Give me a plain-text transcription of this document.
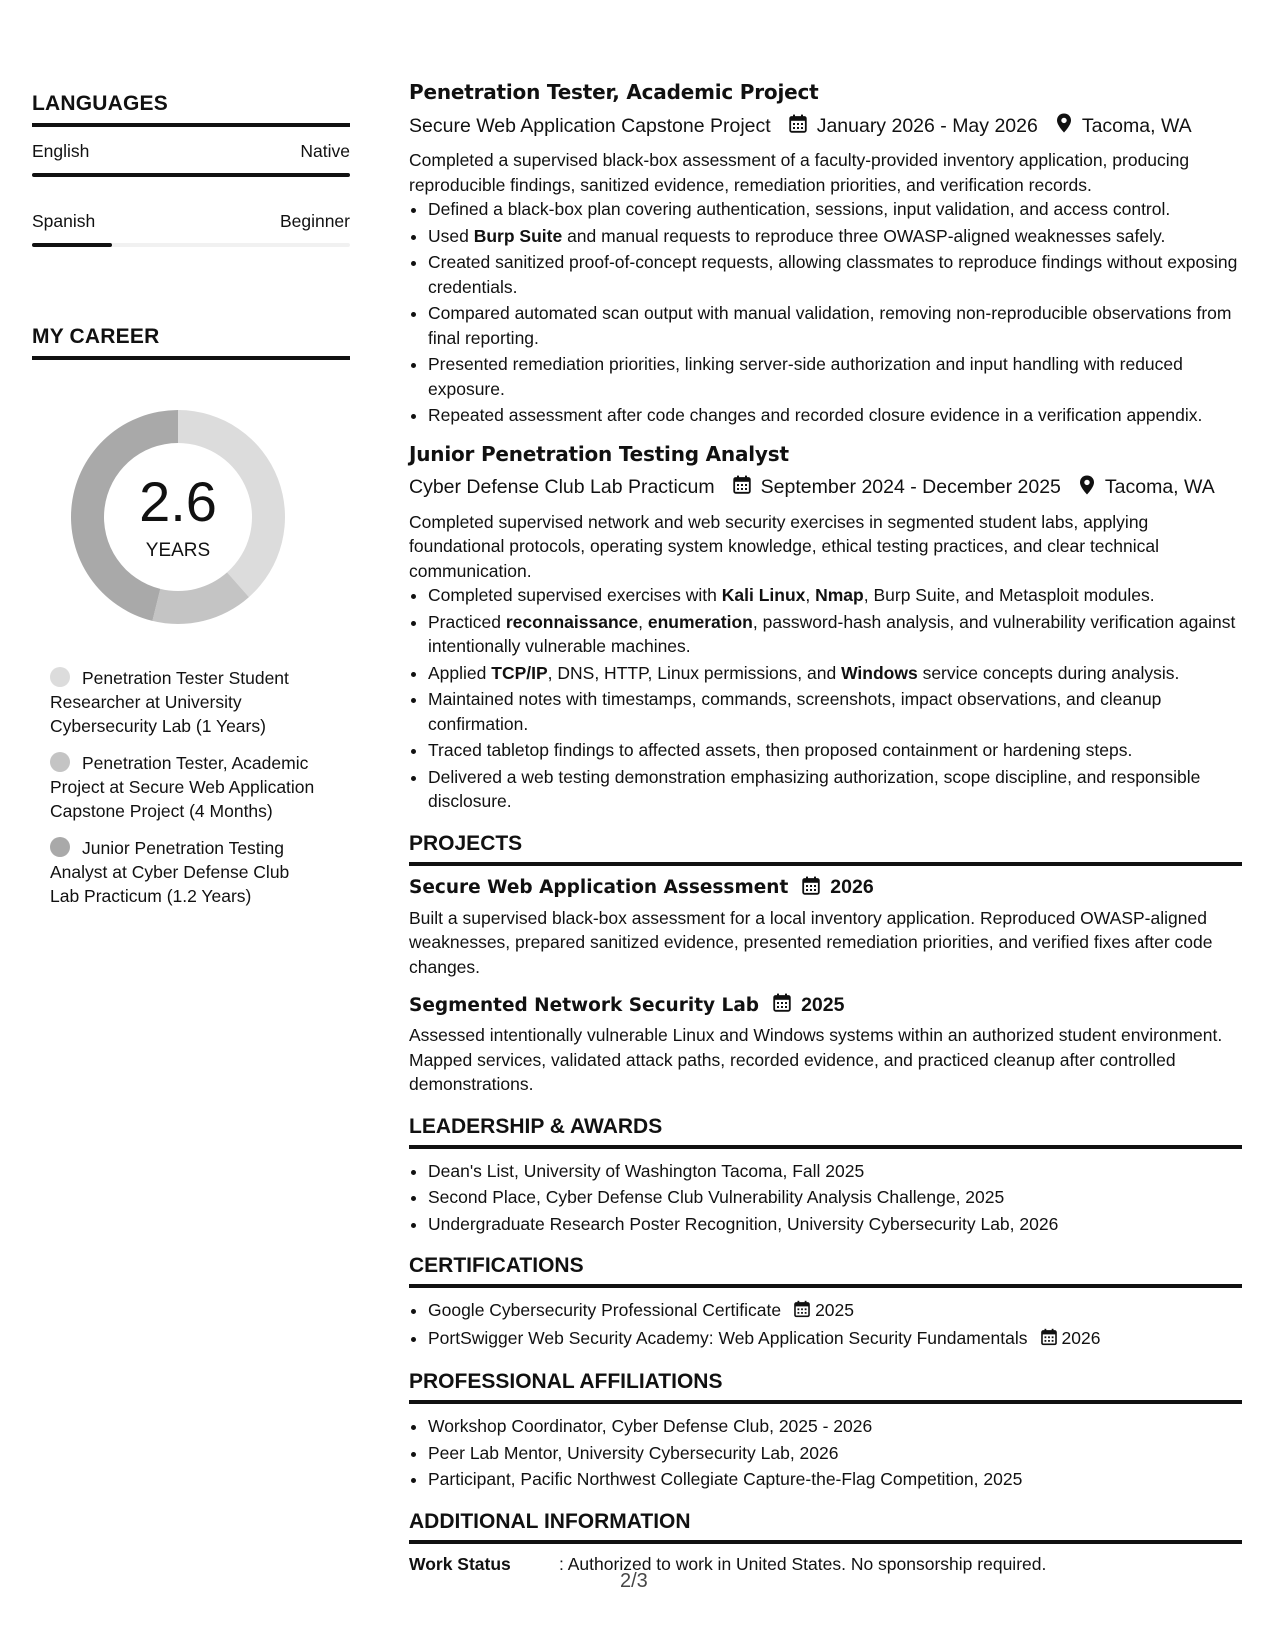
LANGUAGES
English	Native
Spanish	Beginner
MY CAREER
2.6
YEARS
Penetration Tester Student Researcher at University Cybersecurity Lab (1 Years)
Penetration Tester, Academic Project at Secure Web Application Capstone Project (4 Months)
Junior Penetration Testing Analyst at Cyber Defense Club Lab Practicum (1.2 Years)
Penetration Tester, Academic Project
Secure Web Application Capstone Project January 2026 - May 2026 Tacoma, WA

Completed a supervised black-box assessment of a faculty-provided inventory application, producing reproducible findings, sanitized evidence, remediation priorities, and verification records.

• Defined a black-box plan covering authentication, sessions, input validation, and access control.
• Used Burp Suite and manual requests to reproduce three OWASP-aligned weaknesses safely.
• Created sanitized proof-of-concept requests, allowing classmates to reproduce findings without exposing credentials.
• Compared automated scan output with manual validation, removing non-reproducible observations from final reporting.
• Presented remediation priorities, linking server-side authorization and input handling with reduced exposure.
• Repeated assessment after code changes and recorded closure evidence in a verification appendix.
Junior Penetration Testing Analyst
Cyber Defense Club Lab Practicum September 2024 - December 2025 Tacoma, WA

Completed supervised network and web security exercises in segmented student labs, applying foundational protocols, operating system knowledge, ethical testing practices, and clear technical communication.

• Completed supervised exercises with Kali Linux, Nmap, Burp Suite, and Metasploit modules.
• Practiced reconnaissance, enumeration, password-hash analysis, and vulnerability verification against intentionally vulnerable machines.
• Applied TCP/IP, DNS, HTTP, Linux permissions, and Windows service concepts during analysis.
• Maintained notes with timestamps, commands, screenshots, impact observations, and cleanup confirmation.
• Traced tabletop findings to affected assets, then proposed containment or hardening steps.
• Delivered a web testing demonstration emphasizing authorization, scope discipline, and responsible disclosure.
PROJECTS
Secure Web Application Assessment 2026
Built a supervised black-box assessment for a local inventory application. Reproduced OWASP-aligned weaknesses, prepared sanitized evidence, presented remediation priorities, and verified fixes after code changes.
Segmented Network Security Lab 2025
Assessed intentionally vulnerable Linux and Windows systems within an authorized student environment. Mapped services, validated attack paths, recorded evidence, and practiced cleanup after controlled demonstrations.
LEADERSHIP & AWARDS
• Dean's List, University of Washington Tacoma, Fall 2025
• Second Place, Cyber Defense Club Vulnerability Analysis Challenge, 2025
• Undergraduate Research Poster Recognition, University Cybersecurity Lab, 2026
CERTIFICATIONS
• Google Cybersecurity Professional Certificate 2025
• PortSwigger Web Security Academy: Web Application Security Fundamentals 2026
PROFESSIONAL AFFILIATIONS
• Workshop Coordinator, Cyber Defense Club, 2025 - 2026
• Peer Lab Mentor, University Cybersecurity Lab, 2026
• Participant, Pacific Northwest Collegiate Capture-the-Flag Competition, 2025
ADDITIONAL INFORMATION
Work Status	: Authorized to work in United States. No sponsorship required.
2/3
